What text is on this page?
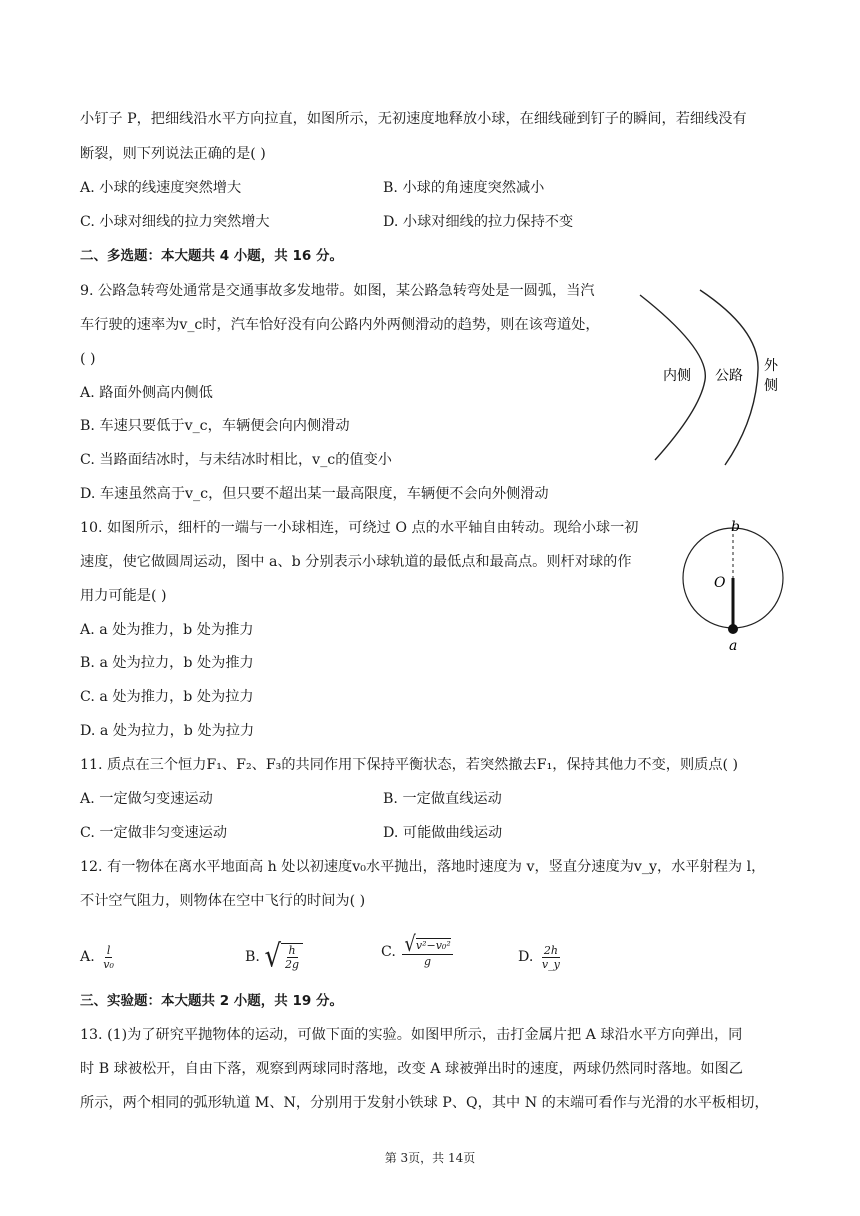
小钉子 P，把细线沿水平方向拉直，如图所示，无初速度地释放小球，在细线碰到钉子的瞬间，若细线没有
断裂，则下列说法正确的是( )
A. 小球的线速度突然增大	B. 小球的角速度突然减小
C. 小球对细线的拉力突然增大	D. 小球对细线的拉力保持不变
二、多选题：本大题共 4 小题，共 16 分。
9. 公路急转弯处通常是交通事故多发地带。如图，某公路急转弯处是一圆弧，当汽
车行驶的速率为v_c时，汽车恰好没有向公路内外两侧滑动的趋势，则在该弯道处，
( )
A. 路面外侧高内侧低
B. 车速只要低于v_c，车辆便会向内侧滑动
C. 当路面结冰时，与未结冰时相比，v_c的值变小
D. 车速虽然高于v_c，但只要不超出某一最高限度，车辆便不会向外侧滑动
内侧 公路
外
侧
10. 如图所示，细杆的一端与一小球相连，可绕过 O 点的水平轴自由转动。现给小球一初
速度，使它做圆周运动，图中 a、b 分别表示小球轨道的最低点和最高点。则杆对球的作
用力可能是( )
A. a 处为推力，b 处为推力
B. a 处为拉力，b 处为推力
C. a 处为推力，b 处为拉力
D. a 处为拉力，b 处为拉力
b
O
a
11. 质点在三个恒力F₁、F₂、F₃的共同作用下保持平衡状态，若突然撤去F₁，保持其他力不变，则质点( )
A. 一定做匀变速运动	B. 一定做直线运动
C. 一定做非匀变速运动	D. 可能做曲线运动
12. 有一物体在离水平地面高 h 处以初速度v₀水平抛出，落地时速度为 v，竖直分速度为v_y，水平射程为 l，
不计空气阻力，则物体在空中飞行的时间为( )
A. $\frac{l}{\text{v₀}}$	B. √ $\frac{h}{2g}$	C. $\frac{\text{√ v²−v₀²}}{g}$	D. $\frac{2h}{v\_y}$
三、实验题：本大题共 2 小题，共 19 分。
13. (1)为了研究平抛物体的运动，可做下面的实验。如图甲所示，击打金属片把 A 球沿水平方向弹出，同
时 B 球被松开，自由下落，观察到两球同时落地，改变 A 球被弹出时的速度，两球仍然同时落地。如图乙
所示，两个相同的弧形轨道 M、N，分别用于发射小铁球 P、Q，其中 N 的末端可看作与光滑的水平板相切，
第 3页，共 14页
